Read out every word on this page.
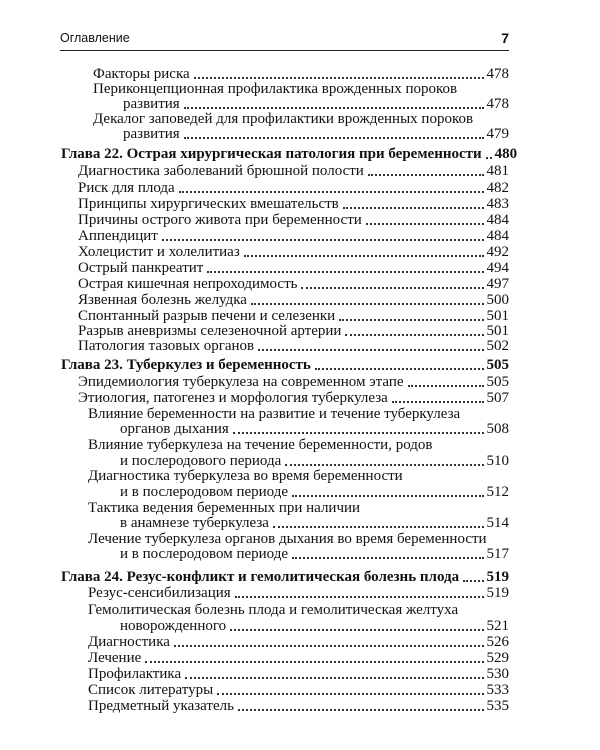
Оглавление	7
Факторы риска	478
Периконцепционная профилактика врожденных пороков
развития	478
Декалог заповедей для профилактики врожденных пороков
развития	479
Глава 22. Острая хирургическая патология при беременности 480
Диагностика заболеваний брюшной полости	481
Риск для плода	482
Принципы хирургических вмешательств	483
Причины острого живота при беременности	484
Аппендицит	484
Холецистит и холелитиаз	492
Острый панкреатит	494
Острая кишечная непроходимость	497
Язвенная болезнь желудка	500
Спонтанный разрыв печени и селезенки	501
Разрыв аневризмы селезеночной артерии	501
Патология тазовых органов	502
Глава 23. Туберкулез и беременность	505
Эпидемиология туберкулеза на современном этапе	505
Этиология, патогенез и морфология туберкулеза	507
Влияние беременности на развитие и течение туберкулеза
органов дыхания	508
Влияние туберкулеза на течение беременности, родов
и послеродового периода	510
Диагностика туберкулеза во время беременности
и в послеродовом периоде	512
Тактика ведения беременных при наличии
в анамнезе туберкулеза	514
Лечение туберкулеза органов дыхания во время беременности
и в послеродовом периоде	517
Глава 24. Резус-конфликт и гемолитическая болезнь плода 519
Резус-сенсибилизация	519
Гемолитическая болезнь плода и гемолитическая желтуха
новорожденного	521
Диагностика	526
Лечение	529
Профилактика	530
Список литературы	533
Предметный указатель	535
